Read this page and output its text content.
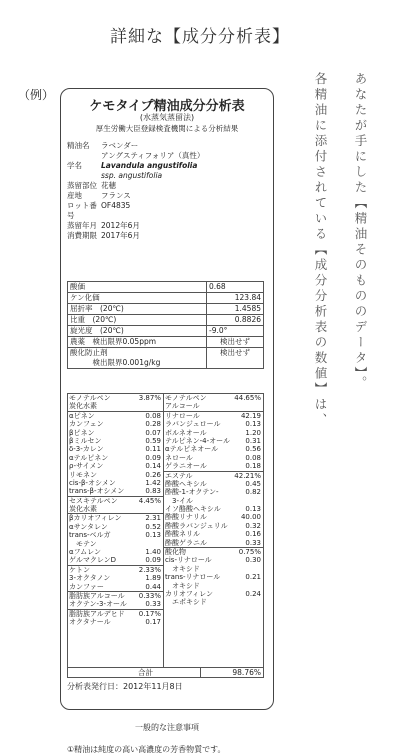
詳細な【成分分析表】
（例）
ケモタイプ精油成分分析表
(水蒸気蒸留法)
厚生労働大臣登録検査機関による分析結果
精油名	ラベンダー
アングスティフォリア（真性）
学名	Lavandula angustifolia
ssp. angustifolia
蒸留部位 花穂
産地	フランス
ロット番号
OF4835
蒸留年月 2012年6月
消費期限 2017年6月
酸価	0.68
ケン化価	123.84
屈折率　(20℃)	1.4585
比重　(20℃)	0.8826
旋光度　(20℃)	-9.0°
農薬　検出限界0.05ppm	検出せず
酸化防止剤	検出せず
　　　検出限界0.001g/kg	
モノテルペン	3.87%
炭化水素
αピネン	0.08
カンフェン	0.28
βピネン	0.07
βミルセン	0.59
δ-3-カレン	0.11
αテルピネン	0.09
ρ-サイメン	0.14
リモネン	0.26
cis-β-オシメン	1.42
trans-β-オシメン	0.83
セスキテルペン	4.45%
炭化水素
βカリオフィレン	2.31
αサンタレン	0.52
trans-ベルガ	0.13
　モテン
αフムレン	1.40
ゲルマクレンD	0.09
ケトン	2.33%
3-オクタノン	1.89
カンファー	0.44
脂肪族アルコール	0.33%
オクテン-3-オール	0.33
脂肪族アルデヒド	0.17%
オクタナール	0.17
モノテルペン	44.65%
アルコール
リナロール	42.19
ラバンジュロール	0.13
ボルネオール	1.20
テルピネン-4-オール	0.31
αテルピネオール	0.56
ネロール	0.08
ゲラニオール	0.18
エステル	42.21%
酢酸ヘキシル	0.45
酢酸-1-オクテン-	0.82
　3-イル
イソ酪酸ヘキシル	0.13
酢酸リナリル	40.00
酢酸ラバンジュリル	0.32
酢酸ネリル	0.16
酢酸ゲラニル	0.33
酸化物	0.75%
cis-リナロール	0.30
　オキシド
trans-リナロール	0.21
　オキシド
カリオフィレン	0.24
　エポキシド
合計	98.76%
分析表発行日：2012年11月8日
一般的な注意事項
①精油は純度の高い高濃度の芳香物質です。
各精油に添付されている【成分分析表の数値】は、 あなたが手にした【精油そのもののデータ】。
